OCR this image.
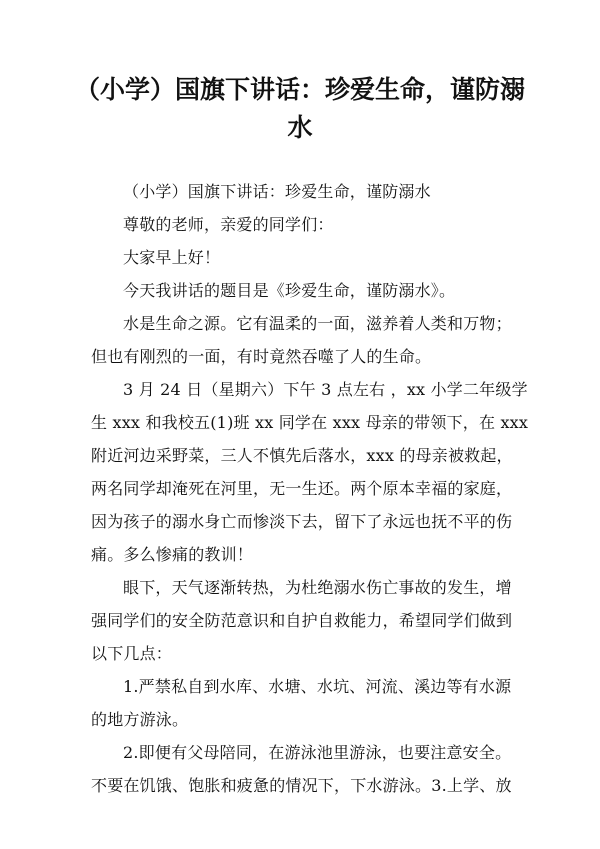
（小学）国旗下讲话：珍爱生命，谨防溺
水
（小学）国旗下讲话：珍爱生命，谨防溺水
尊敬的老师，亲爱的同学们：
大家早上好！
今天我讲话的题目是《珍爱生命，谨防溺水》。
水是生命之源。它有温柔的一面，滋养着人类和万物；
但也有刚烈的一面，有时竟然吞噬了人的生命。
3 月 24 日（星期六）下午 3 点左右 ，xx 小学二年级学
生 xxx 和我校五(1)班 xx 同学在 xxx 母亲的带领下，在 xxx
附近河边采野菜，三人不慎先后落水，xxx 的母亲被救起，
两名同学却淹死在河里，无一生还。两个原本幸福的家庭，
因为孩子的溺水身亡而惨淡下去，留下了永远也抚不平的伤
痛。多么惨痛的教训！
眼下，天气逐渐转热，为杜绝溺水伤亡事故的发生，增
强同学们的安全防范意识和自护自救能力，希望同学们做到
以下几点：
1.严禁私自到水库、水塘、水坑、河流、溪边等有水源
的地方游泳。
2.即便有父母陪同，在游泳池里游泳，也要注意安全。
不要在饥饿、饱胀和疲惫的情况下，下水游泳。3.上学、放
